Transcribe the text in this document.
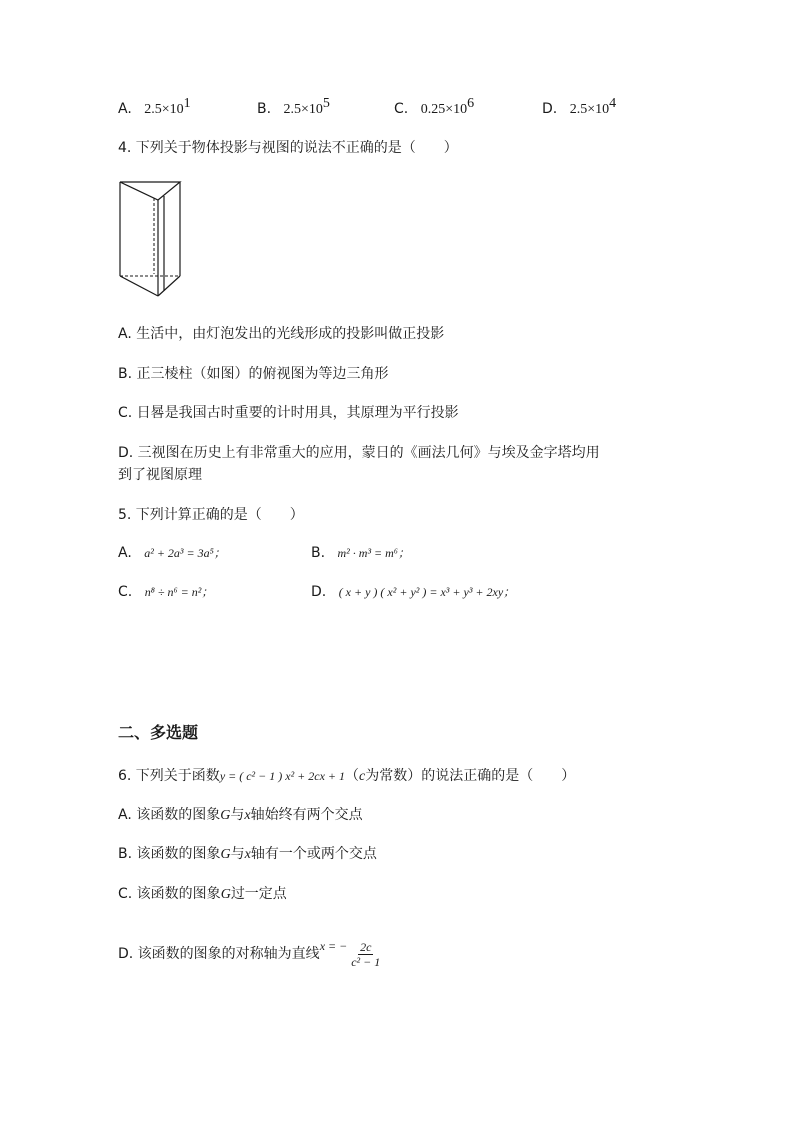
A. $2.5\times 10^1$	B. $2.5\times 10^5$	C. $0.25\times 10^6$	D. $2.5\times 10^4$
4. 下列关于物体投影与视图的说法不正确的是（　　）
A. 生活中，由灯泡发出的光线形成的投影叫做正投影
B. 正三棱柱（如图）的俯视图为等边三角形
C. 日晷是我国古时重要的计时用具，其原理为平行投影
D. 三视图在历史上有非常重大的应用，蒙日的《画法几何》与埃及金字塔均用
到了视图原理
5. 下列计算正确的是（　　）
A. a² + 2a³ = 3a⁵；	B. m² · m³ = m⁶；
C. n⁸ ÷ n⁶ = n²；	D. ( x + y ) ( x² + y² ) = x³ + y³ + 2xy；
二、多选题
6. 下列关于函数y = ( c² − 1 ) x² + 2cx + 1（c为常数）的说法正确的是（　　）
A. 该函数的图象G与x轴始终有两个交点
B. 该函数的图象G与x轴有一个或两个交点
C. 该函数的图象G过一定点
D. 该函数的图象的对称轴为直线x = − $\frac{2c}{\text{c² − 1}}$
